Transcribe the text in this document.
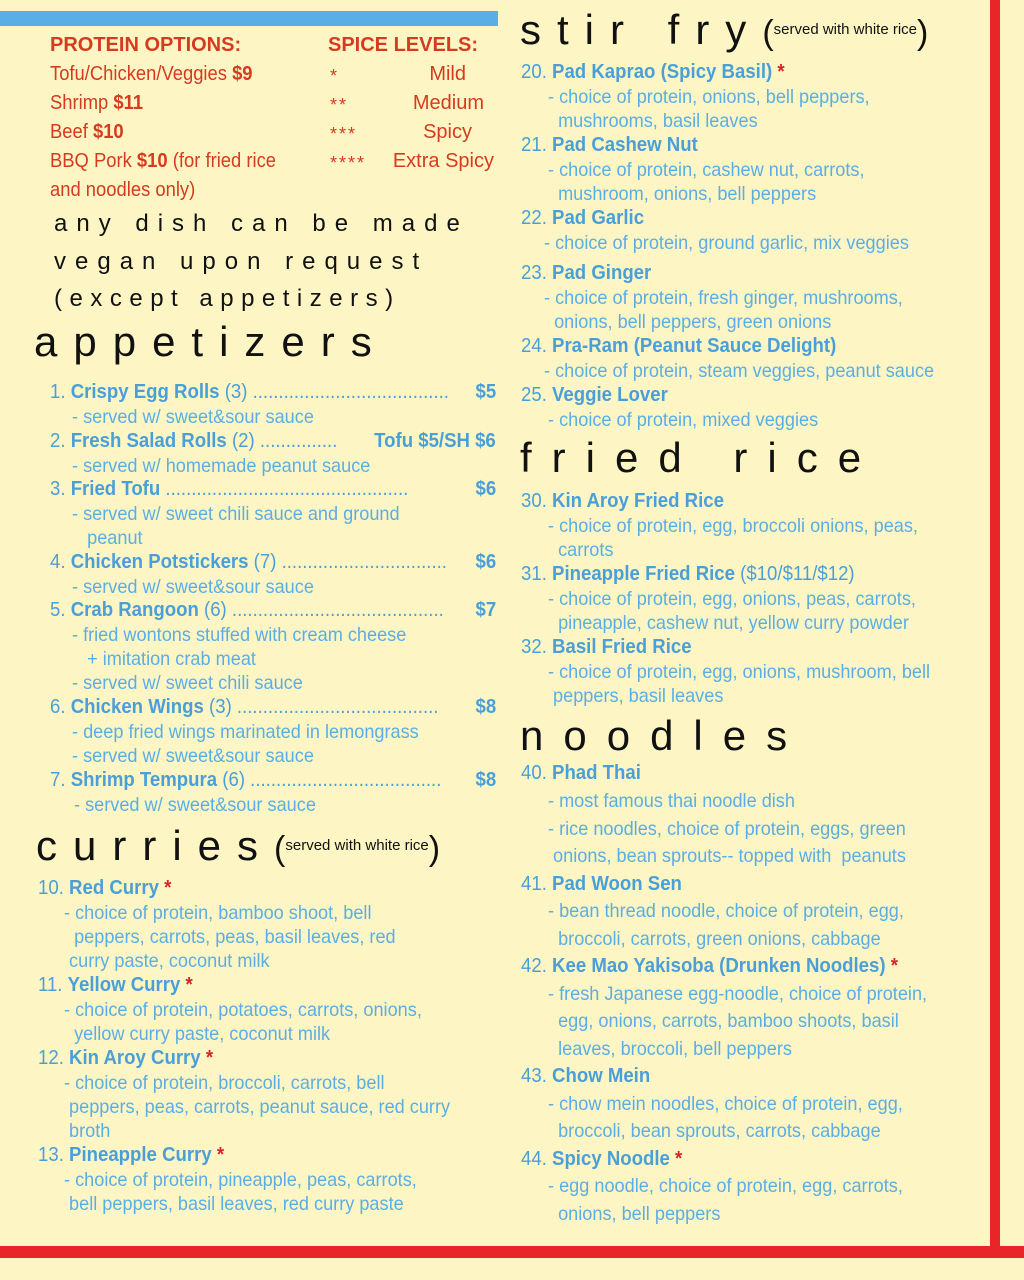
PROTEIN OPTIONS:
Tofu/Chicken/Veggies $9
Shrimp $11
Beef $10
BBQ Pork $10 (for fried rice
and noodles only)
SPICE LEVELS:
*	Mild
**	Medium
***	Spicy
****	Extra Spicy
any dish can be made
vegan upon request
(except appetizers)
appetizers
1. Crispy Egg Rolls (3) ...................................... $5
- served w/ sweet&sour sauce
2. Fresh Salad Rolls (2) ............... Tofu $5/SH $6
- served w/ homemade peanut sauce
3. Fried Tofu ...............................................	$6
- served w/ sweet chili sauce and ground
peanut
4. Chicken Potstickers (7) ................................ $6
- served w/ sweet&sour sauce
5. Crab Rangoon (6) ......................................... $7
- fried wontons stuffed with cream cheese
+ imitation crab meat
- served w/ sweet chili sauce
6. Chicken Wings (3) ....................................... $8
- deep fried wings marinated in lemongrass
- served w/ sweet&sour sauce
7. Shrimp Tempura (6) ..................................... $8
- served w/ sweet&sour sauce
curries($^{served with white rice}$)
10. Red Curry *
- choice of protein, bamboo shoot, bell
peppers, carrots, peas, basil leaves, red
curry paste, coconut milk
11. Yellow Curry *
- choice of protein, potatoes, carrots, onions,
yellow curry paste, coconut milk
12. Kin Aroy Curry *
- choice of protein, broccoli, carrots, bell
peppers, peas, carrots, peanut sauce, red curry
broth
13. Pineapple Curry *
- choice of protein, pineapple, peas, carrots,
bell peppers, basil leaves, red curry paste
stir fry($^{served with white rice}$)
20. Pad Kaprao (Spicy Basil) *
- choice of protein, onions, bell peppers,
mushrooms, basil leaves
21. Pad Cashew Nut
- choice of protein, cashew nut, carrots,
mushroom, onions, bell peppers
22. Pad Garlic
- choice of protein, ground garlic, mix veggies
23. Pad Ginger
- choice of protein, fresh ginger, mushrooms,
onions, bell peppers, green onions
24. Pra-Ram (Peanut Sauce Delight)
- choice of protein, steam veggies, peanut sauce
25. Veggie Lover
- choice of protein, mixed veggies
fried rice
30. Kin Aroy Fried Rice
- choice of protein, egg, broccoli onions, peas,
carrots
31. Pineapple Fried Rice ($10/$11/$12)
- choice of protein, egg, onions, peas, carrots,
pineapple, cashew nut, yellow curry powder
32. Basil Fried Rice
- choice of protein, egg, onions, mushroom, bell
peppers, basil leaves
noodles
40. Phad Thai
- most famous thai noodle dish
- rice noodles, choice of protein, eggs, green
onions, bean sprouts-- topped with  peanuts
41. Pad Woon Sen
- bean thread noodle, choice of protein, egg,
broccoli, carrots, green onions, cabbage
42. Kee Mao Yakisoba (Drunken Noodles) *
- fresh Japanese egg-noodle, choice of protein,
egg, onions, carrots, bamboo shoots, basil
leaves, broccoli, bell peppers
43. Chow Mein
- chow mein noodles, choice of protein, egg,
broccoli, bean sprouts, carrots, cabbage
44. Spicy Noodle *
- egg noodle, choice of protein, egg, carrots,
onions, bell peppers
